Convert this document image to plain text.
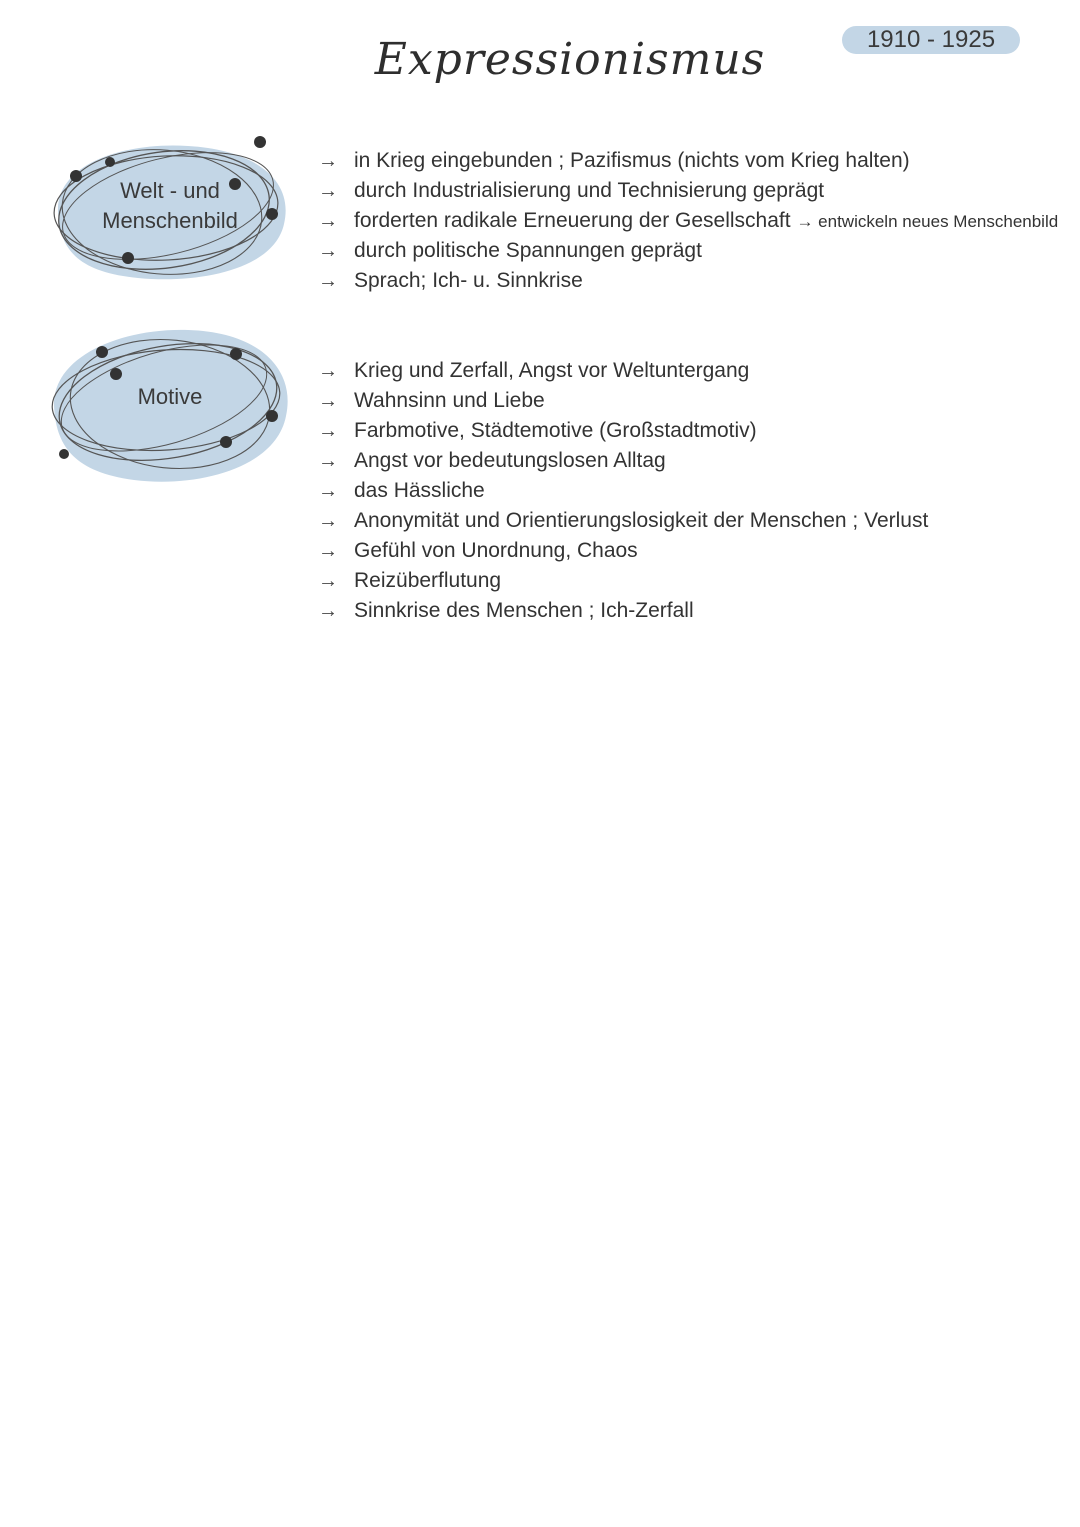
Expressionismus	1910 - 1925
Welt - und
Menschenbild
→ in Krieg eingebunden ; Pazifismus (nichts vom Krieg halten)
→ durch Industrialisierung und Technisierung geprägt
→ forderten radikale Erneuerung der Gesellschaft → entwickeln neues Menschenbild
→ durch politische Spannungen geprägt
→ Sprach; Ich- u. Sinnkrise
Motive
→ Krieg und Zerfall, Angst vor Weltuntergang
→ Wahnsinn und Liebe
→ Farbmotive, Städtemotive (Großstadtmotiv)
→ Angst vor bedeutungslosen Alltag
→ das Hässliche
→ Anonymität und Orientierungslosigkeit der Menschen ; Verlust
→ Gefühl von Unordnung, Chaos
→ Reizüberflutung
→ Sinnkrise des Menschen ; Ich-Zerfall
